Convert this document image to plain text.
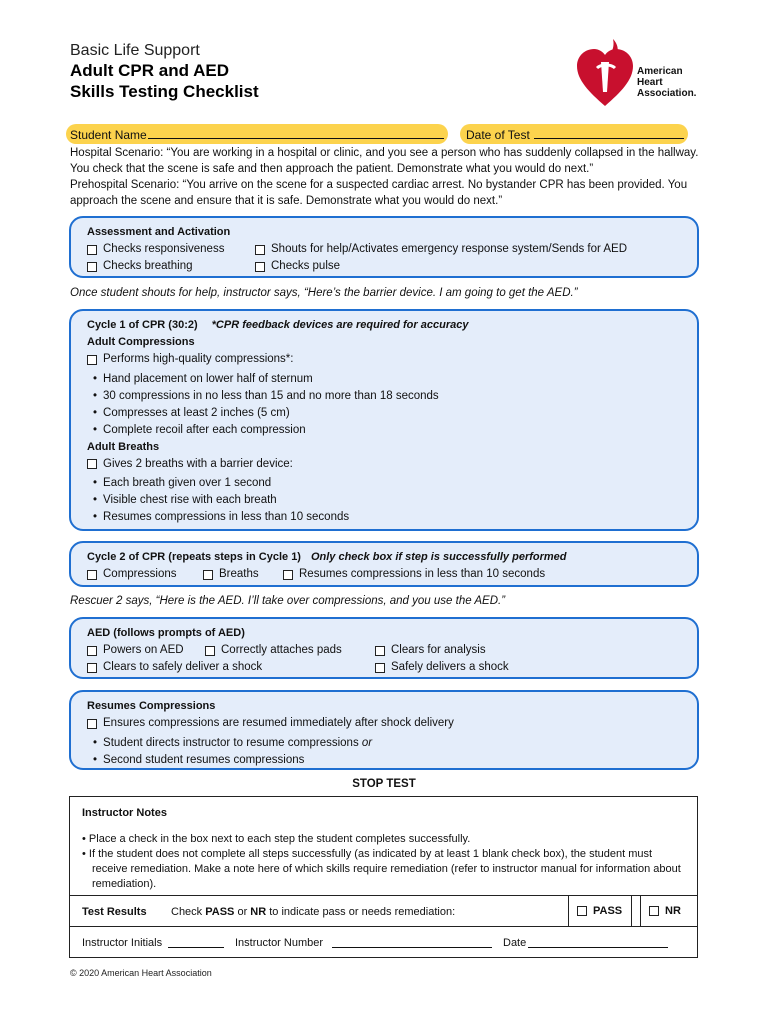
Basic Life Support
Adult CPR and AED
Skills Testing Checklist
American
Heart
Association.
Student Name	Date of Test
Hospital Scenario: “You are working in a hospital or clinic, and you see a person who has suddenly collapsed in the hallway. You check that the scene is safe and then approach the patient. Demonstrate what you would do next.”
Prehospital Scenario: “You arrive on the scene for a suspected cardiac arrest. No bystander CPR has been provided. You approach the scene and ensure that it is safe. Demonstrate what you would do next.”
Assessment and Activation
Checks responsiveness	Shouts for help/Activates emergency response system/Sends for AED
Checks breathing	Checks pulse
Once student shouts for help, instructor says, “Here’s the barrier device. I am going to get the AED.”
Cycle 1 of CPR (30:2) *CPR feedback devices are required for accuracy
Adult Compressions
Performs high-quality compressions*:
• Hand placement on lower half of sternum
• 30 compressions in no less than 15 and no more than 18 seconds
• Compresses at least 2 inches (5 cm)
• Complete recoil after each compression
Adult Breaths
Gives 2 breaths with a barrier device:
• Each breath given over 1 second
• Visible chest rise with each breath
• Resumes compressions in less than 10 seconds
Cycle 2 of CPR (repeats steps in Cycle 1) Only check box if step is successfully performed
Compressions	Breaths	Resumes compressions in less than 10 seconds
Rescuer 2 says, “Here is the AED. I’ll take over compressions, and you use the AED.”
AED (follows prompts of AED)
Powers on AED	Correctly attaches pads	Clears for analysis
Clears to safely deliver a shock	Safely delivers a shock
Resumes Compressions
Ensures compressions are resumed immediately after shock delivery
• Student directs instructor to resume compressions or
• Second student resumes compressions
STOP TEST
Instructor Notes
• Place a check in the box next to each step the student completes successfully.
• If the student does not complete all steps successfully (as indicated by at least 1 blank check box), the student must receive remediation. Make a note here of which skills require remediation (refer to instructor manual for information about remediation).
Test Results Check PASS or NR to indicate pass or needs remediation:	PASS	NR
Instructor Initials	Instructor Number	Date
© 2020 American Heart Association
